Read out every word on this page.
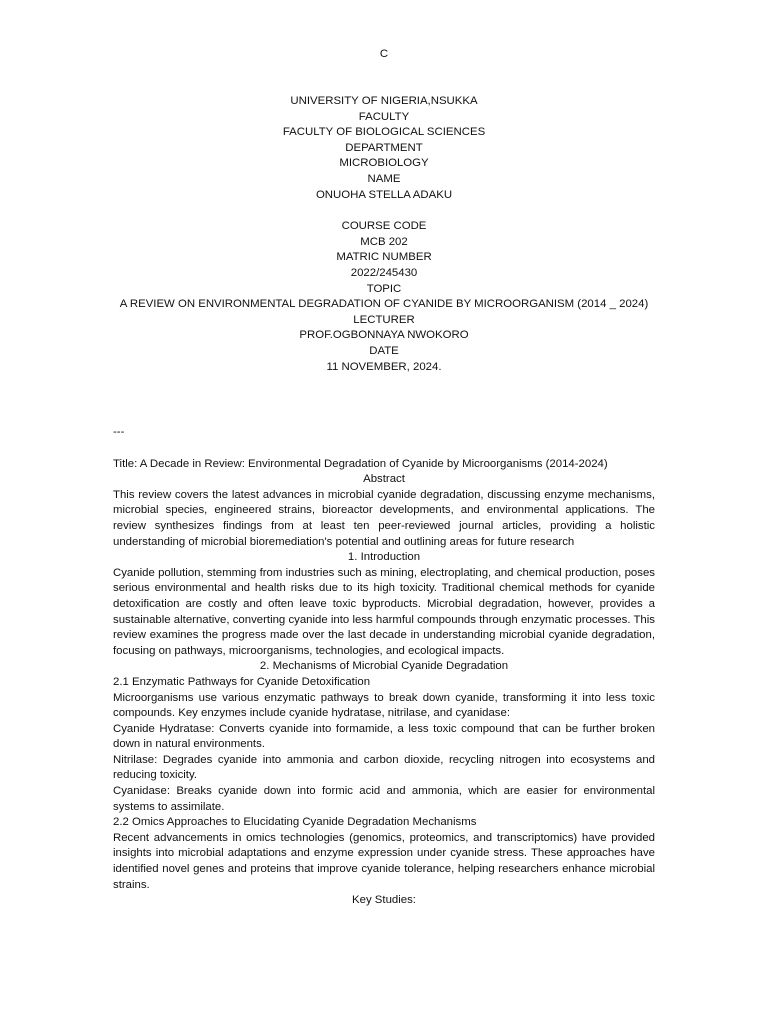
C
UNIVERSITY OF NIGERIA,NSUKKA
FACULTY
FACULTY OF BIOLOGICAL SCIENCES
DEPARTMENT
MICROBIOLOGY
NAME
ONUOHA STELLA ADAKU
COURSE CODE
MCB 202
MATRIC NUMBER
2022/245430
TOPIC
A REVIEW ON ENVIRONMENTAL DEGRADATION OF CYANIDE BY MICROORGANISM (2014 _ 2024)
LECTURER
PROF.OGBONNAYA NWOKORO
DATE
11 NOVEMBER, 2024.
---
Title: A Decade in Review: Environmental Degradation of Cyanide by Microorganisms (2014-2024)
Abstract
This review covers the latest advances in microbial cyanide degradation, discussing enzyme mechanisms, microbial species, engineered strains, bioreactor developments, and environmental applications. The review synthesizes findings from at least ten peer-reviewed journal articles, providing a holistic understanding of microbial bioremediation's potential and outlining areas for future research
1. Introduction
Cyanide pollution, stemming from industries such as mining, electroplating, and chemical production, poses serious environmental and health risks due to its high toxicity. Traditional chemical methods for cyanide detoxification are costly and often leave toxic byproducts. Microbial degradation, however, provides a sustainable alternative, converting cyanide into less harmful compounds through enzymatic processes. This review examines the progress made over the last decade in understanding microbial cyanide degradation, focusing on pathways, microorganisms, technologies, and ecological impacts.
2. Mechanisms of Microbial Cyanide Degradation
2.1 Enzymatic Pathways for Cyanide Detoxification
Microorganisms use various enzymatic pathways to break down cyanide, transforming it into less toxic compounds. Key enzymes include cyanide hydratase, nitrilase, and cyanidase:
Cyanide Hydratase: Converts cyanide into formamide, a less toxic compound that can be further broken down in natural environments.
Nitrilase: Degrades cyanide into ammonia and carbon dioxide, recycling nitrogen into ecosystems and reducing toxicity.
Cyanidase: Breaks cyanide down into formic acid and ammonia, which are easier for environmental systems to assimilate.
2.2 Omics Approaches to Elucidating Cyanide Degradation Mechanisms
Recent advancements in omics technologies (genomics, proteomics, and transcriptomics) have provided insights into microbial adaptations and enzyme expression under cyanide stress. These approaches have identified novel genes and proteins that improve cyanide tolerance, helping researchers enhance microbial strains.
Key Studies:
